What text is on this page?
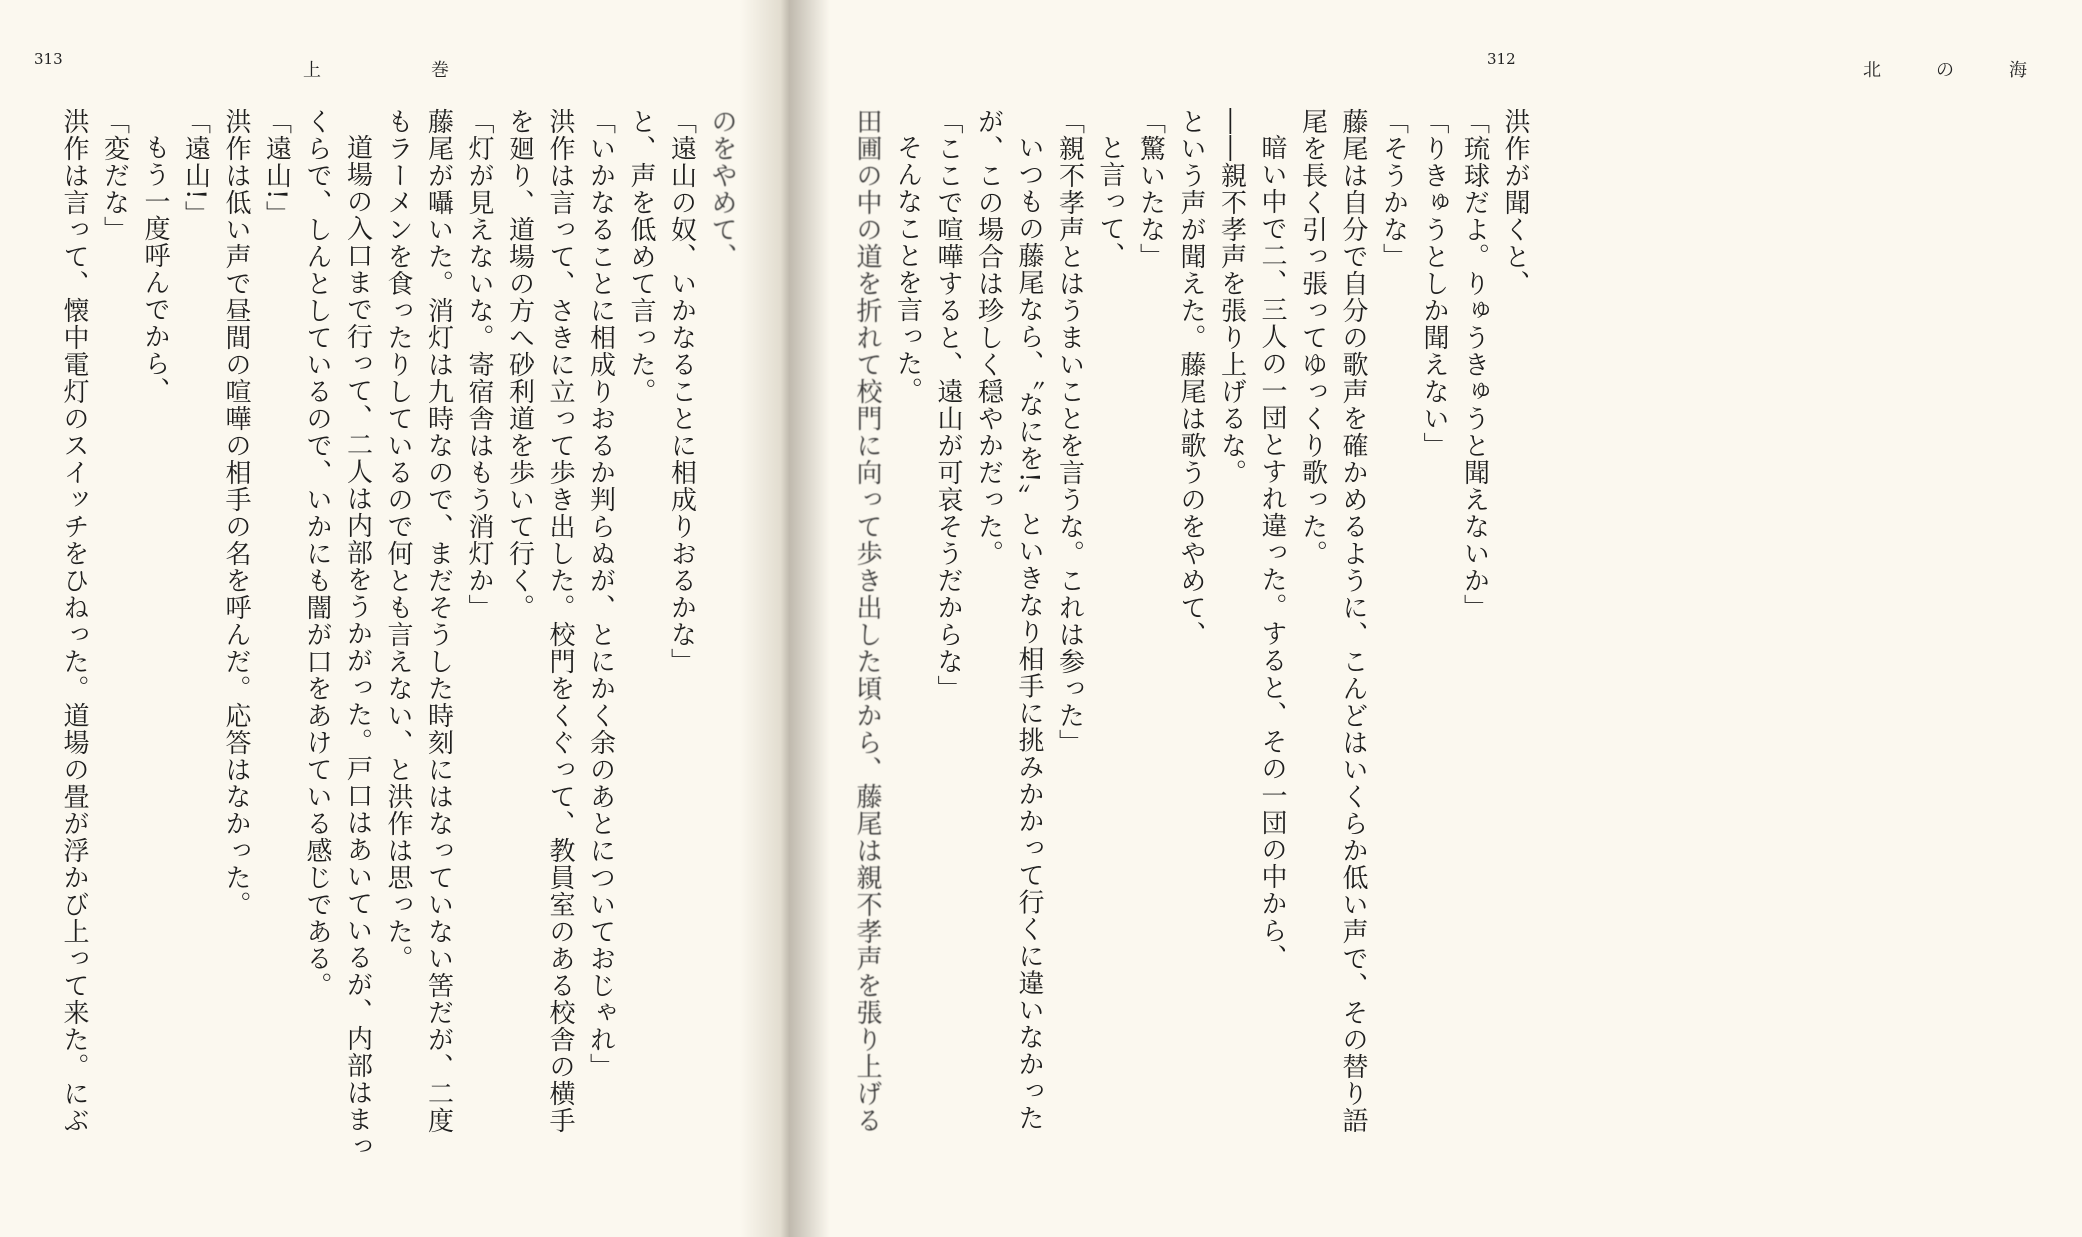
313
上巻
のをやめて、
「遠山の奴、いかなることに相成りおるかな」
と、声を低めて言った。
「いかなることに相成りおるか判らぬが、とにかく余のあとについておじゃれ」
洪作は言って、さきに立って歩き出した。校門をくぐって、教員室のある校舎の横手
を廻り、道場の方へ砂利道を歩いて行く。
「灯が見えないな。寄宿舎はもう消灯か」
藤尾が囁いた。消灯は九時なので、まだそうした時刻にはなっていない筈だが、二度
もラーメンを食ったりしているので何とも言えない、と洪作は思った。
道場の入口まで行って、二人は内部をうかがった。戸口はあいているが、内部はまっ
くらで、しんとしているので、いかにも闇が口をあけている感じである。
「遠山!」
洪作は低い声で昼間の喧嘩の相手の名を呼んだ。応答はなかった。
「遠山!」
もう一度呼んでから、
「変だな」
洪作は言って、懐中電灯のスイッチをひねった。道場の畳が浮かび上って来た。にぶ
北の海
312
洪作が聞くと、
「琉球だよ。りゅうきゅうと聞えないか」
「りきゅうとしか聞えない」
「そうかな」
藤尾は自分で自分の歌声を確かめるように、こんどはいくらか低い声で、その替り語
尾を長く引っ張ってゆっくり歌った。
暗い中で二、三人の一団とすれ違った。すると、その一団の中から、
――親不孝声を張り上げるな。
という声が聞えた。藤尾は歌うのをやめて、
「驚いたな」
と言って、
「親不孝声とはうまいことを言うな。これは参った」
いつもの藤尾なら、〝なにを!〟といきなり相手に挑みかかって行くに違いなかった
が、この場合は珍しく穏やかだった。
「ここで喧嘩すると、遠山が可哀そうだからな」
そんなことを言った。
田圃の中の道を折れて校門に向って歩き出した頃から、藤尾は親不孝声を張り上げる
